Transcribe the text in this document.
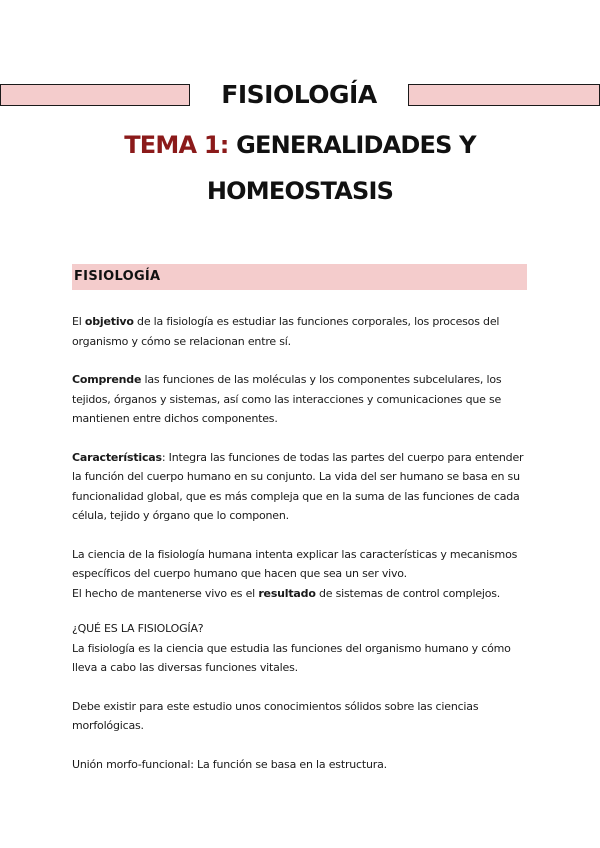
FISIOLOGÍA
TEMA 1: GENERALIDADES Y
HOMEOSTASIS
FISIOLOGÍA

El objetivo de la fisiología es estudiar las funciones corporales, los procesos del organismo y cómo se relacionan entre sí.

Comprende las funciones de las moléculas y los componentes subcelulares, los tejidos, órganos y sistemas, así como las interacciones y comunicaciones que se mantienen entre dichos componentes.

Características: Integra las funciones de todas las partes del cuerpo para entender la función del cuerpo humano en su conjunto. La vida del ser humano se basa en su funcionalidad global, que es más compleja que en la suma de las funciones de cada célula, tejido y órgano que lo componen.

La ciencia de la fisiología humana intenta explicar las características y mecanismos específicos del cuerpo humano que hacen que sea un ser vivo.
El hecho de mantenerse vivo es el resultado de sistemas de control complejos.

¿QUÉ ES LA FISIOLOGÍA?

La fisiología es la ciencia que estudia las funciones del organismo humano y cómo lleva a cabo las diversas funciones vitales.

Debe existir para este estudio unos conocimientos sólidos sobre las ciencias morfológicas.

Unión morfo-funcional: La función se basa en la estructura.
